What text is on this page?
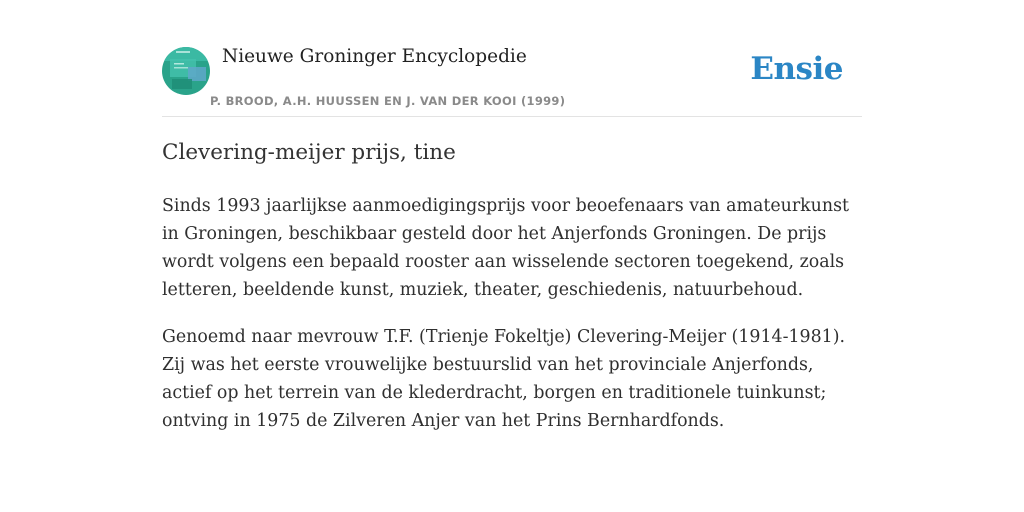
Nieuwe Groninger Encyclopedie
P. BROOD, A.H. HUUSSEN EN J. VAN DER KOOI (1999)
Ensie
Clevering-meijer prijs, tine

Sinds 1993 jaarlijkse aanmoedigingsprijs voor beoefenaars van amateurkunst in Groningen, beschikbaar gesteld door het Anjerfonds Groningen. De prijs wordt volgens een bepaald rooster aan wisselende sectoren toegekend, zoals letteren, beeldende kunst, muziek, theater, geschiedenis, natuurbehoud.

Genoemd naar mevrouw T.F. (Trienje Fokeltje) Clevering-Meijer (1914-1981). Zij was het eerste vrouwelijke bestuurslid van het provinciale Anjerfonds, actief op het terrein van de klederdracht, borgen en traditionele tuinkunst; ontving in 1975 de Zilveren Anjer van het Prins Bernhardfonds.
